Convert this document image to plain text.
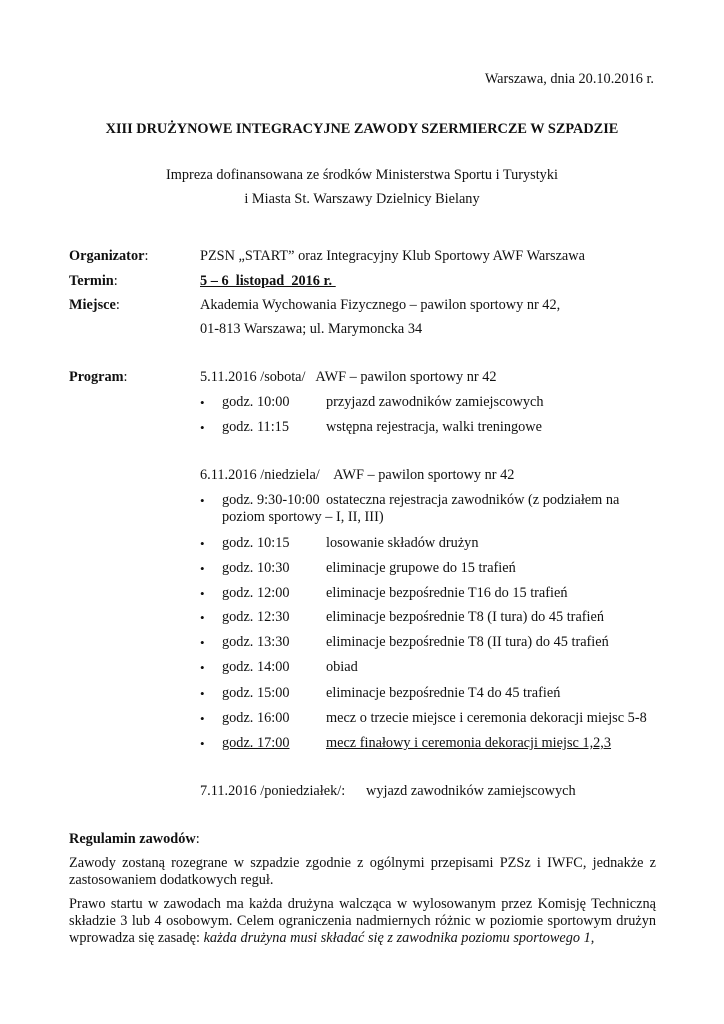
Warszawa, dnia 20.10.2016 r.
XIII DRUŻYNOWE INTEGRACYJNE ZAWODY SZERMIERCZE W SZPADZIE
Impreza dofinansowana ze środków Ministerstwa Sportu i Turystyki
i Miasta St. Warszawy Dzielnicy Bielany
Organizator:	PZSN „START” oraz Integracyjny Klub Sportowy AWF Warszawa
Termin:	5 – 6  listopad  2016 r.
Miejsce:	Akademia Wychowania Fizycznego – pawilon sportowy nr 42,
01-813 Warszawa; ul. Marymoncka 34
Program:	5.11.2016 /sobota/   AWF – pawilon sportowy nr 42
• godz. 10:00	przyjazd zawodników zamiejscowych
• godz. 11:15	wstępna rejestracja, walki treningowe
6.11.2016 /niedziela/    AWF – pawilon sportowy nr 42
• godz. 9:30-10:00 ostateczna rejestracja zawodników (z podziałem na
poziom sportowy – I, II, III)
• godz. 10:15	losowanie składów drużyn
• godz. 10:30	eliminacje grupowe do 15 trafień
• godz. 12:00	eliminacje bezpośrednie T16 do 15 trafień
• godz. 12:30	eliminacje bezpośrednie T8 (I tura) do 45 trafień
• godz. 13:30	eliminacje bezpośrednie T8 (II tura) do 45 trafień
• godz. 14:00	obiad
• godz. 15:00	eliminacje bezpośrednie T4 do 45 trafień
• godz. 16:00	mecz o trzecie miejsce i ceremonia dekoracji miejsc 5-8
• godz. 17:00	mecz finałowy i ceremonia dekoracji miejsc 1,2,3
7.11.2016 /poniedziałek/: wyjazd zawodników zamiejscowych
Regulamin zawodów:
Zawody zostaną rozegrane w szpadzie zgodnie z ogólnymi przepisami PZSz i IWFC, jednakże z zastosowaniem dodatkowych reguł.
Prawo startu w zawodach ma każda drużyna walcząca w wylosowanym przez Komisję Techniczną składzie 3 lub 4 osobowym. Celem ograniczenia nadmiernych różnic w poziomie sportowym drużyn wprowadza się zasadę: każda drużyna musi składać się z zawodnika poziomu sportowego 1,
